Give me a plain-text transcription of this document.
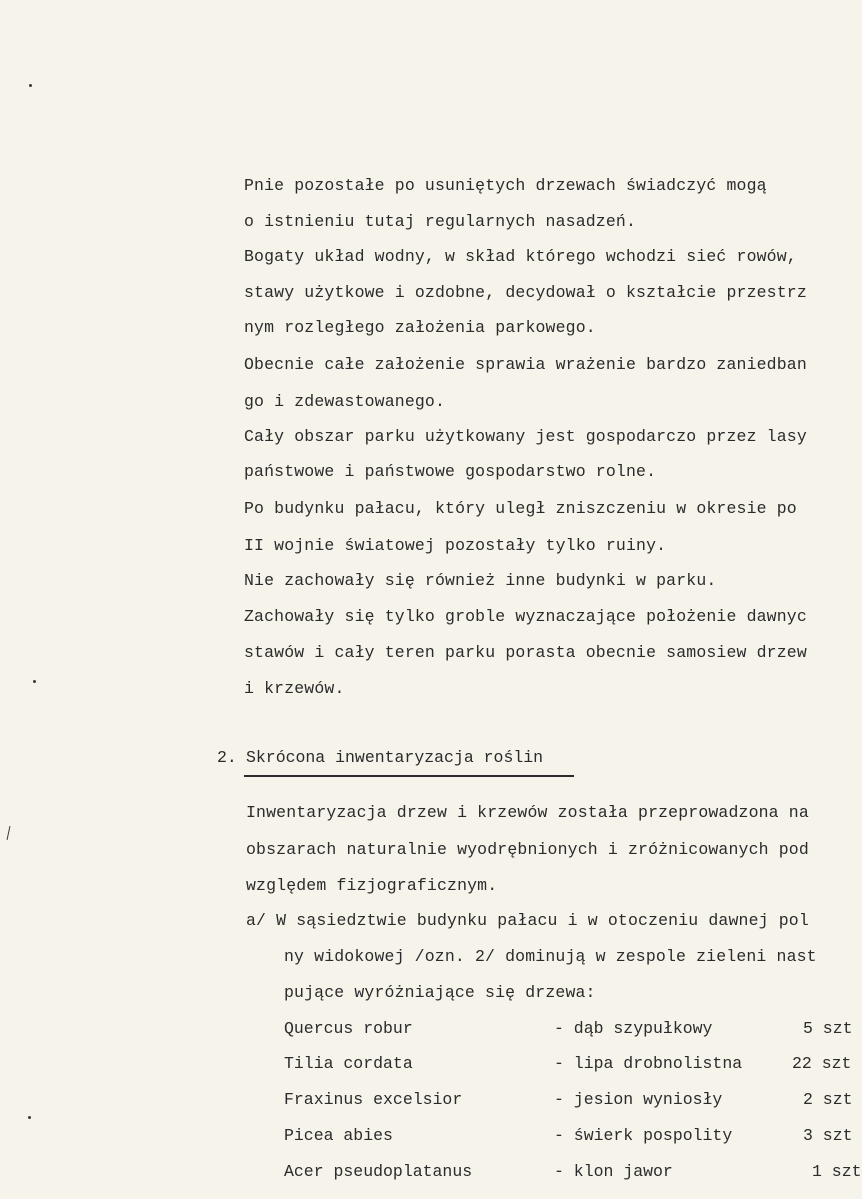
Pnie pozostałe po usuniętych drzewach świadczyć mogą
o istnieniu tutaj regularnych nasadzeń.
Bogaty układ wodny, w skład którego wchodzi sieć rowów,
stawy użytkowe i ozdobne, decydował o kształcie przestrz
nym rozległego założenia parkowego.
Obecnie całe założenie sprawia wrażenie bardzo zaniedban
go i zdewastowanego.
Cały obszar parku użytkowany jest gospodarczo przez lasy
państwowe i państwowe gospodarstwo rolne.
Po budynku pałacu, który uległ zniszczeniu w okresie po
II wojnie światowej pozostały tylko ruiny.
Nie zachowały się również inne budynki w parku.
Zachowały się tylko groble wyznaczające położenie dawnyc
stawów i cały teren parku porasta obecnie samosiew drzew
i krzewów.
2. Skrócona inwentaryzacja roślin
Inwentaryzacja drzew i krzewów została przeprowadzona na
obszarach naturalnie wyodrębnionych i zróżnicowanych pod
względem fizjograficznym.
a/ W sąsiedztwie budynku pałacu i w otoczeniu dawnej pol
ny widokowej /ozn. 2/ dominują w zespole zieleni nast
pujące wyróżniające się drzewa:
Quercus robur	- dąb szypułkowy	5 szt
Tilia cordata	- lipa drobnolistna	22 szt
Fraxinus excelsior	- jesion wyniosły	2 szt
Picea abies	- świerk pospolity	3 szt
Acer pseudoplatanus	- klon jawor	1 szt
